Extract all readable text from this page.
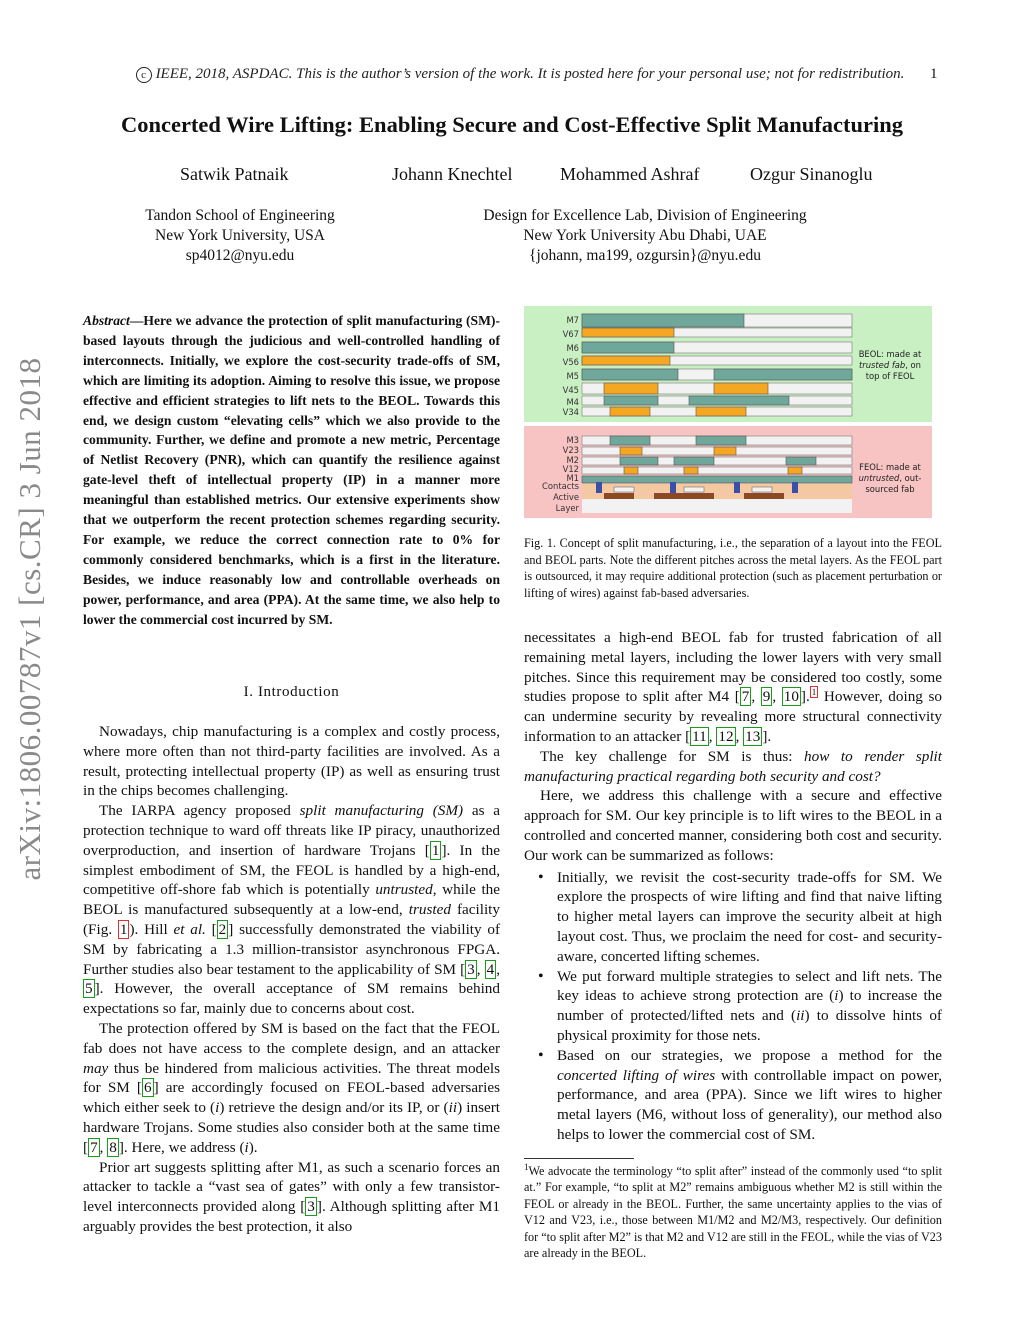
c IEEE, 2018, ASPDAC. This is the author’s version of the work. It is posted here for your personal use; not for redistribution.	1
Concerted Wire Lifting: Enabling Secure and Cost-Effective Split Manufacturing
Satwik Patnaik	Johann Knechtel	Mohammed Ashraf	Ozgur Sinanoglu
Tandon School of Engineering
New York University, USA
sp4012@nyu.edu
Design for Excellence Lab, Division of Engineering
New York University Abu Dhabi, UAE
{johann, ma199, ozgursin}@nyu.edu
arXiv:1806.00787v1 [cs.CR] 3 Jun 2018
Abstract—Here we advance the protection of split manufacturing (SM)-based layouts through the judicious and well-controlled handling of interconnects. Initially, we explore the cost-security trade-offs of SM, which are limiting its adoption. Aiming to resolve this issue, we propose effective and efficient strategies to lift nets to the BEOL. Towards this end, we design custom “elevating cells” which we also provide to the community. Further, we define and promote a new metric, Percentage of Netlist Recovery (PNR), which can quantify the resilience against gate-level theft of intellectual property (IP) in a manner more meaningful than established metrics. Our extensive experiments show that we outperform the recent protection schemes regarding security. For example, we reduce the correct connection rate to 0% for commonly considered benchmarks, which is a first in the literature. Besides, we induce reasonably low and controllable overheads on power, performance, and area (PPA). At the same time, we also help to lower the commercial cost incurred by SM.
I. Introduction

Nowadays, chip manufacturing is a complex and costly process, where more often than not third-party facilities are involved. As a result, protecting intellectual property (IP) as well as ensuring trust in the chips becomes challenging.

The IARPA agency proposed split manufacturing (SM) as a protection technique to ward off threats like IP piracy, unauthorized overproduction, and insertion of hardware Trojans [ 1 ]. In the simplest embodiment of SM, the FEOL is handled by a high-end, competitive off-shore fab which is potentially untrusted, while the BEOL is manufactured subsequently at a low-end, trusted facility (Fig. 1 ). Hill et al. [ 2 ] successfully demonstrated the viability of SM by fabricating a 1.3 million-transistor asynchronous FPGA. Further studies also bear testament to the applicability of SM [ 3 , 4 , 5 ]. However, the overall acceptance of SM remains behind expectations so far, mainly due to concerns about cost.

The protection offered by SM is based on the fact that the FEOL fab does not have access to the complete design, and an attacker may thus be hindered from malicious activities. The threat models for SM [ 6 ] are accordingly focused on FEOL-based adversaries which either seek to (i) retrieve the design and/or its IP, or (ii) insert hardware Trojans. Some studies also consider both at the same time [ 7 , 8 ]. Here, we address (i).

Prior art suggests splitting after M1, as such a scenario forces an attacker to tackle a “vast sea of gates” with only a few transistor-level interconnects provided along [ 3 ]. Although splitting after M1 arguably provides the best protection, it also

M7
V67
M6
V56
M5
V45
M4
V34
BEOL: made at
trusted fab, on
top of FEOL
M3
V23
M2
V12
M1
Contacts
Active
Layer
FEOL: made at
untrusted, out-
sourced fab
Fig. 1. Concept of split manufacturing, i.e., the separation of a layout into the FEOL and BEOL parts. Note the different pitches across the metal layers. As the FEOL part is outsourced, it may require additional protection (such as placement perturbation or lifting of wires) against fab-based adversaries.

necessitates a high-end BEOL fab for trusted fabrication of all remaining metal layers, including the lower layers with very small pitches. Since this requirement may be considered too costly, some studies propose to split after M4 [ 7 , 9 , 10 ]. $^1$ However, doing so can undermine security by revealing more structural connectivity information to an attacker [ 11 , 12 , 13 ].

The key challenge for SM is thus: how to render split manufacturing practical regarding both security and cost?

Here, we address this challenge with a secure and effective approach for SM. Our key principle is to lift wires to the BEOL in a controlled and concerted manner, considering both cost and security. Our work can be summarized as follows:

• Initially, we revisit the cost-security trade-offs for SM. We explore the prospects of wire lifting and find that naive lifting to higher metal layers can improve the security albeit at high layout cost. Thus, we proclaim the need for cost- and security-aware, concerted lifting schemes.
• We put forward multiple strategies to select and lift nets. The key ideas to achieve strong protection are (i) to increase the number of protected/lifted nets and (ii) to dissolve hints of physical proximity for those nets.
• Based on our strategies, we propose a method for the concerted lifting of wires with controllable impact on power, performance, and area (PPA). Since we lift wires to higher metal layers (M6, without loss of generality), our method also helps to lower the commercial cost of SM.
$^1$We advocate the terminology “to split after” instead of the commonly used “to split at.” For example, “to split at M2” remains ambiguous whether M2 is still within the FEOL or already in the BEOL. Further, the same uncertainty applies to the vias of V12 and V23, i.e., those between M1/M2 and M2/M3, respectively. Our definition for “to split after M2” is that M2 and V12 are still in the FEOL, while the vias of V23 are already in the BEOL.
